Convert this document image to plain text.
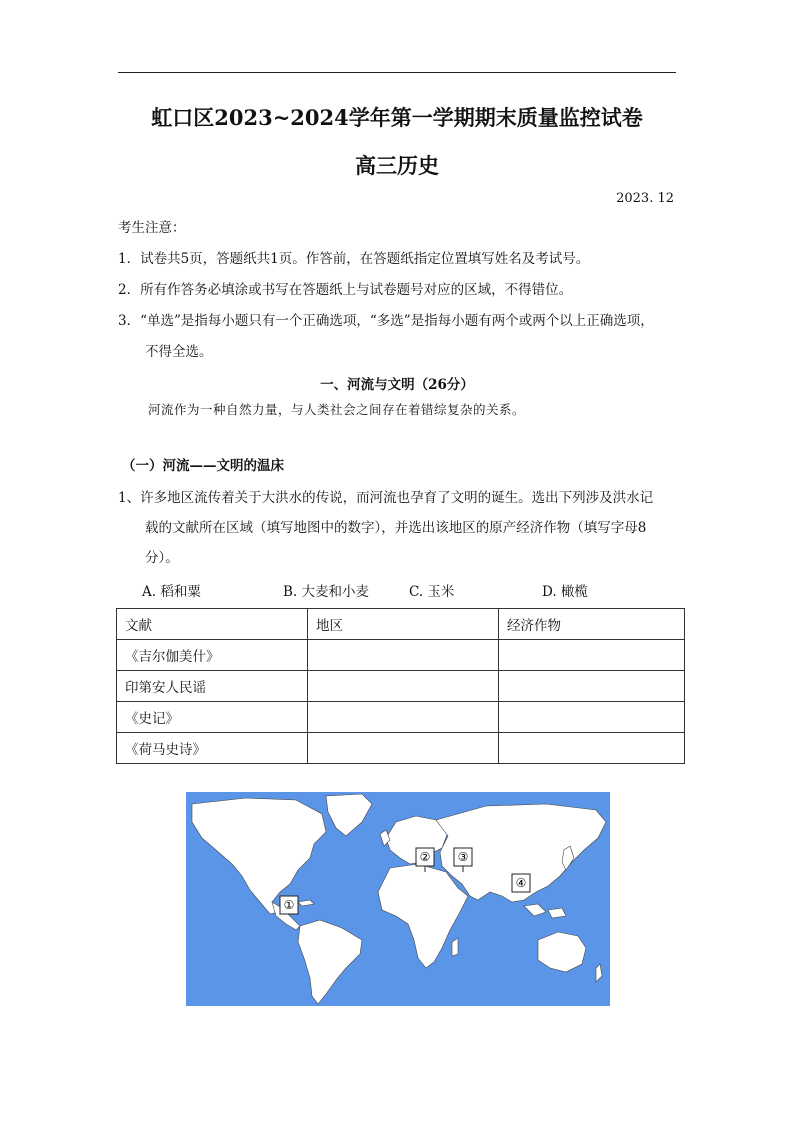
虹口区2023~2024学年第一学期期末质量监控试卷
高三历史
2023. 12
考生注意：
1．试卷共5页，答题纸共1页。作答前，在答题纸指定位置填写姓名及考试号。
2．所有作答务必填涂或书写在答题纸上与试卷题号对应的区域，不得错位。
3．“单选”是指每小题只有一个正确选项，“多选”是指每小题有两个或两个以上正确选项，
不得全选。
一、河流与文明（26分）
河流作为一种自然力量，与人类社会之间存在着错综复杂的关系。
（一）河流——文明的温床
1、许多地区流传着关于大洪水的传说，而河流也孕育了文明的诞生。选出下列涉及洪水记
载的文献所在区域（填写地图中的数字），并选出该地区的原产经济作物（填写字母8
分）。
A. 稻和粟	B. 大麦和小麦	C. 玉米	D. 橄榄
文献	地区	经济作物
《吉尔伽美什》		
印第安人民谣		
《史记》		
《荷马史诗》		
①
② ③
④
